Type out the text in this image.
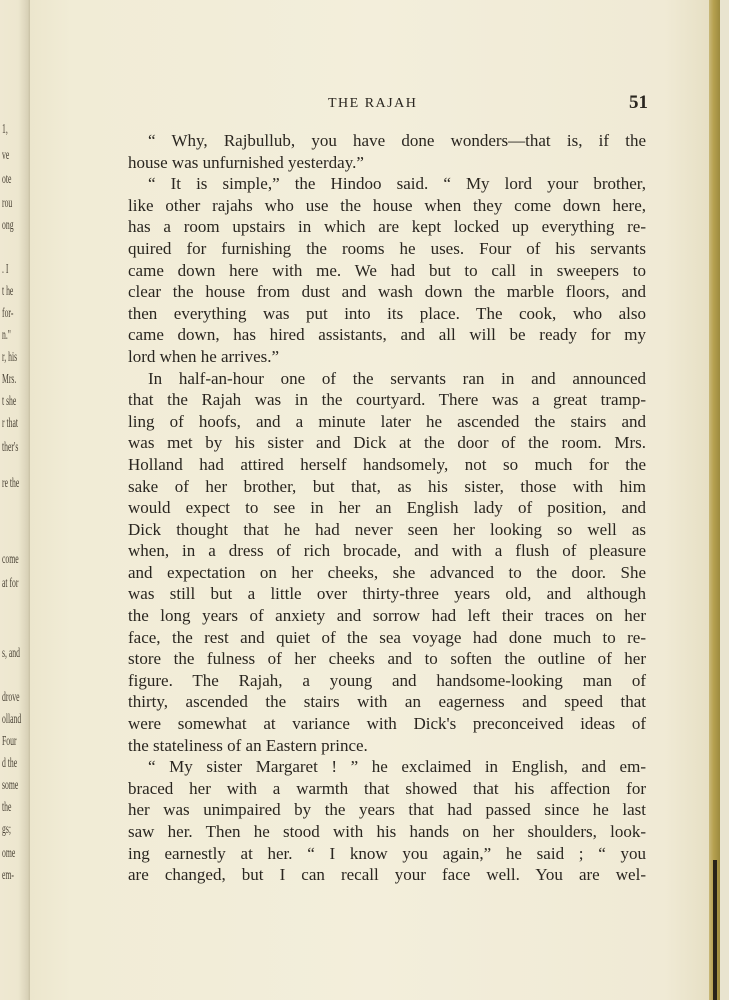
1,
ve
ote
rou
ong
. I
t he
for-
n."
r, his
Mrs.
t she
r that
ther's
re the
come
at for
s, and
drove
olland
Four
d the
some
the
gs;
ome
em-
THE RAJAH	51
“ Why, Rajbullub, you have done wonders—that is, if the
house was unfurnished yesterday.”
“ It is simple,” the Hindoo said. “ My lord your brother,
like other rajahs who use the house when they come down here,
has a room upstairs in which are kept locked up everything re-
quired for furnishing the rooms he uses. Four of his servants
came down here with me. We had but to call in sweepers to
clear the house from dust and wash down the marble floors, and
then everything was put into its place. The cook, who also
came down, has hired assistants, and all will be ready for my
lord when he arrives.”
In half-an-hour one of the servants ran in and announced
that the Rajah was in the courtyard. There was a great tramp-
ling of hoofs, and a minute later he ascended the stairs and
was met by his sister and Dick at the door of the room. Mrs.
Holland had attired herself handsomely, not so much for the
sake of her brother, but that, as his sister, those with him
would expect to see in her an English lady of position, and
Dick thought that he had never seen her looking so well as
when, in a dress of rich brocade, and with a flush of pleasure
and expectation on her cheeks, she advanced to the door. She
was still but a little over thirty-three years old, and although
the long years of anxiety and sorrow had left their traces on her
face, the rest and quiet of the sea voyage had done much to re-
store the fulness of her cheeks and to soften the outline of her
figure. The Rajah, a young and handsome-looking man of
thirty, ascended the stairs with an eagerness and speed that
were somewhat at variance with Dick's preconceived ideas of
the stateliness of an Eastern prince.
“ My sister Margaret ! ” he exclaimed in English, and em-
braced her with a warmth that showed that his affection for
her was unimpaired by the years that had passed since he last
saw her. Then he stood with his hands on her shoulders, look-
ing earnestly at her. “ I know you again,” he said ; “ you
are changed, but I can recall your face well. You are wel-
